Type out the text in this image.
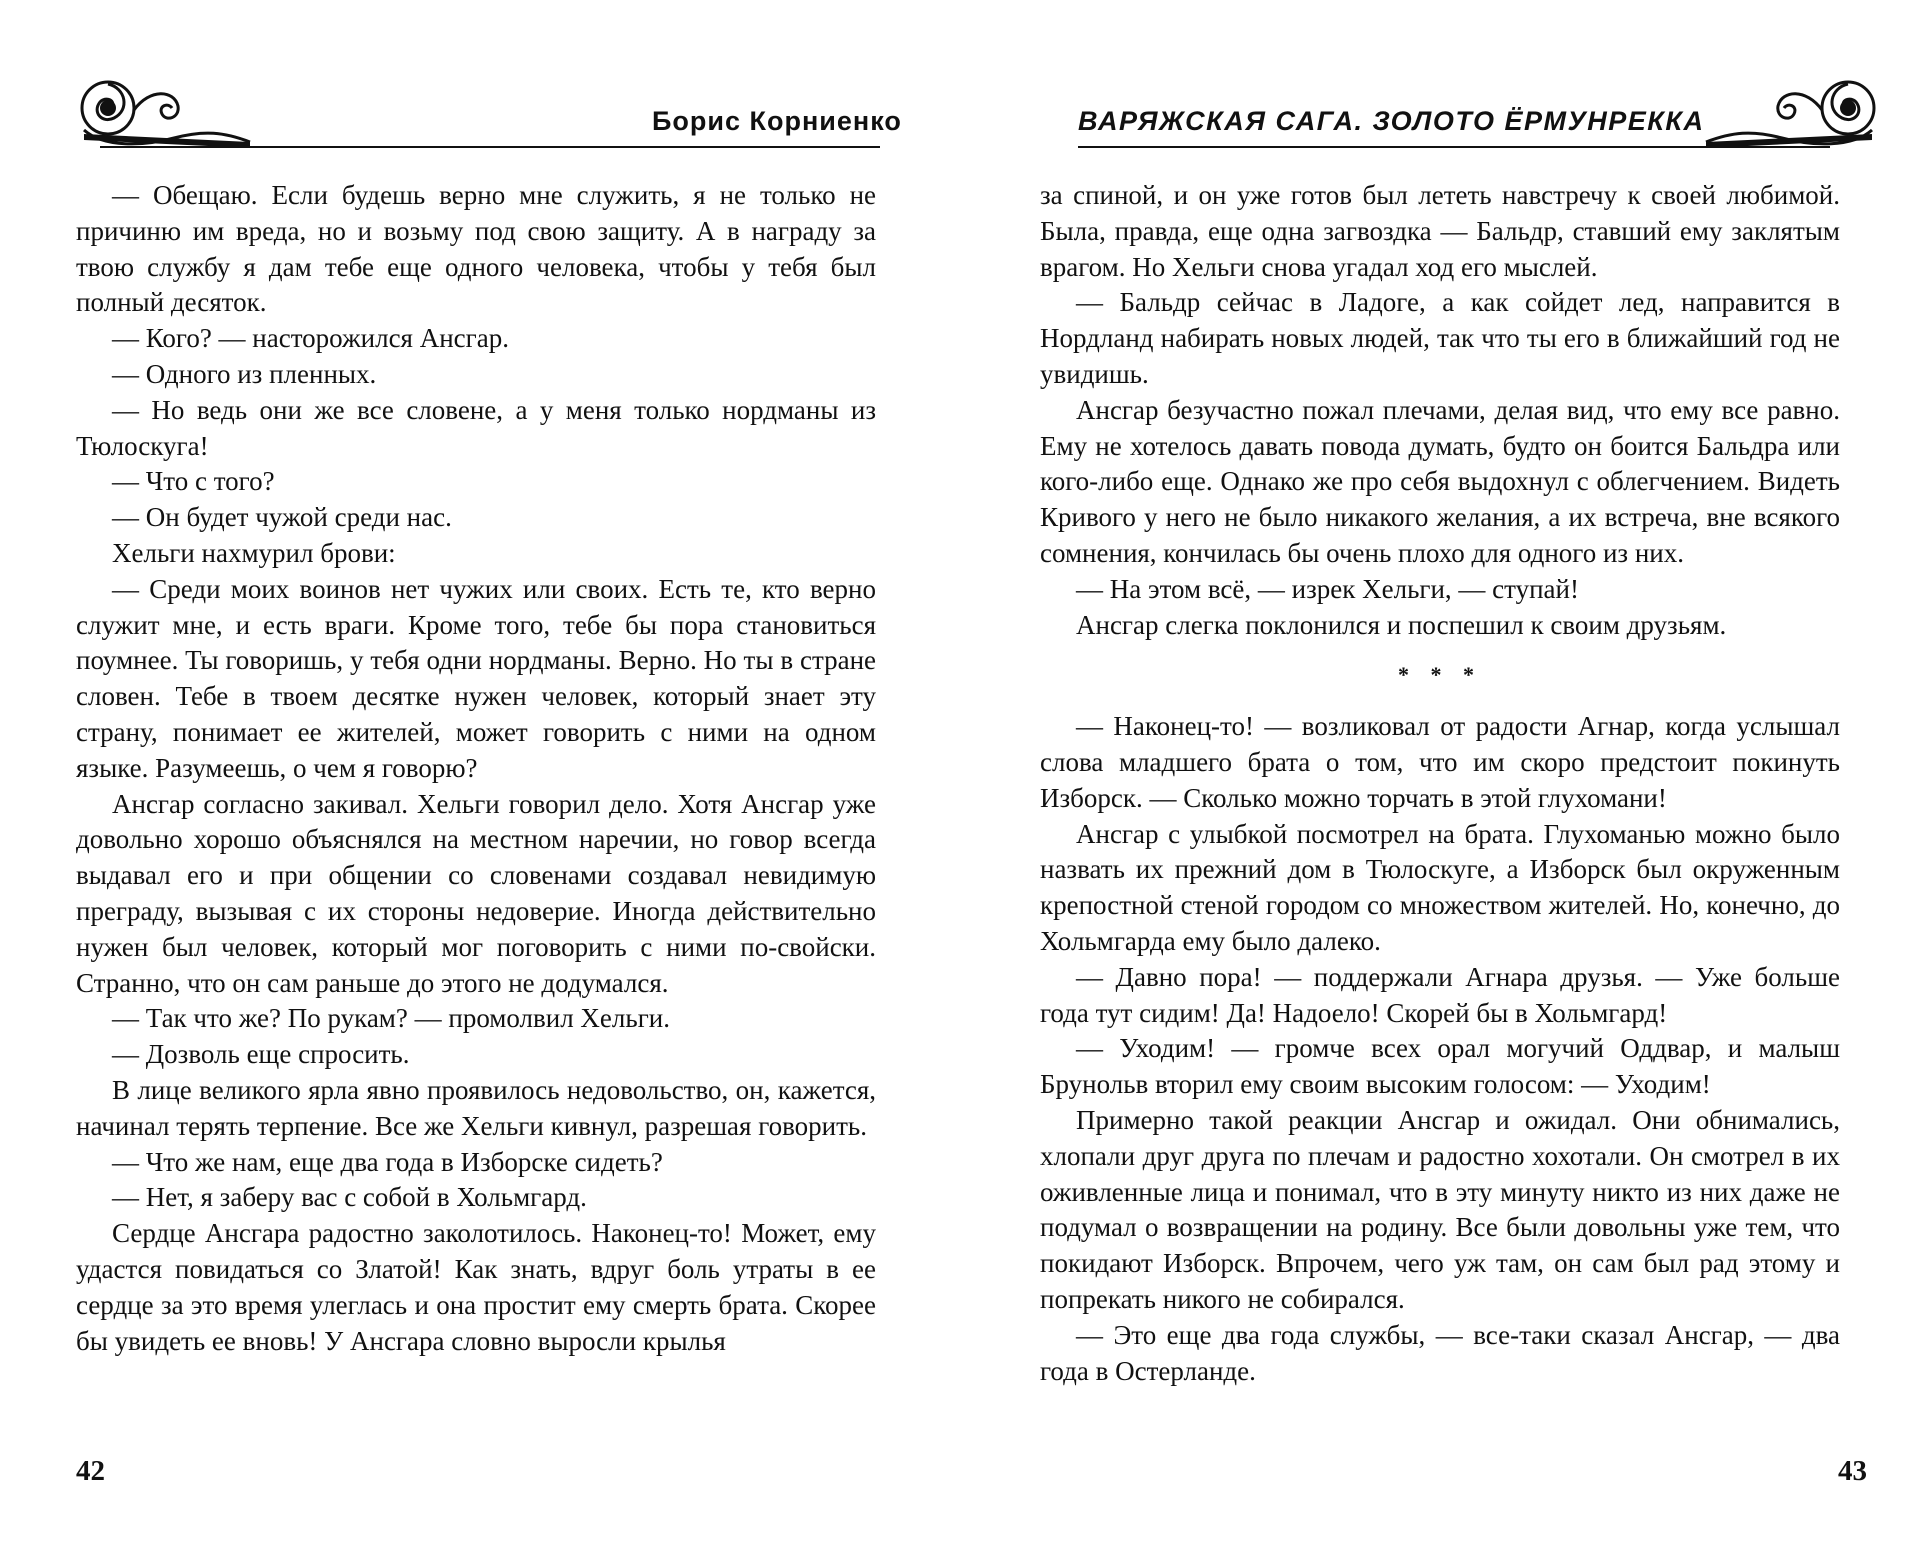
Борис Корниенко

— Обещаю. Если будешь верно мне служить, я не только не причиню им вреда, но и возьму под свою защиту. А в награду за твою службу я дам тебе еще одного человека, чтобы у тебя был полный десяток.

— Кого? — насторожился Ансгар.

— Одного из пленных.

— Но ведь они же все словене, а у меня только нордманы из Тюлоскуга!

— Что с того?

— Он будет чужой среди нас.

Хельги нахмурил брови:

— Среди моих воинов нет чужих или своих. Есть те, кто верно служит мне, и есть враги. Кроме того, тебе бы пора становиться поумнее. Ты говоришь, у тебя одни нордманы. Верно. Но ты в стране словен. Тебе в твоем десятке нужен человек, который знает эту страну, понимает ее жителей, может говорить с ними на одном языке. Разумеешь, о чем я говорю?

Ансгар согласно закивал. Хельги говорил дело. Хотя Ансгар уже довольно хорошо объяснялся на местном наречии, но говор всегда выдавал его и при общении со словенами создавал невидимую преграду, вызывая с их стороны недоверие. Иногда действительно нужен был человек, который мог поговорить с ними по-свойски. Странно, что он сам раньше до этого не додумался.

— Так что же? По рукам? — промолвил Хельги.

— Дозволь еще спросить.

В лице великого ярла явно проявилось недовольство, он, кажется, начинал терять терпение. Все же Хельги кивнул, разрешая говорить.

— Что же нам, еще два года в Изборске сидеть?

— Нет, я заберу вас с собой в Хольмгард.

Сердце Ансгара радостно заколотилось. Наконец-то! Может, ему удастся повидаться со Златой! Как знать, вдруг боль утраты в ее сердце за это время улеглась и она простит ему смерть брата. Скорее бы увидеть ее вновь! У Ансгара словно выросли крылья

42
ВАРЯЖСКАЯ САГА. ЗОЛОТО ЁРМУНРЕККА

за спиной, и он уже готов был лететь навстречу к своей любимой. Была, правда, еще одна загвоздка — Бальдр, ставший ему заклятым врагом. Но Хельги снова угадал ход его мыслей.

— Бальдр сейчас в Ладоге, а как сойдет лед, направится в Нордланд набирать новых людей, так что ты его в ближайший год не увидишь.

Ансгар безучастно пожал плечами, делая вид, что ему все равно. Ему не хотелось давать повода думать, будто он боится Бальдра или кого-либо еще. Однако же про себя выдохнул с облегчением. Видеть Кривого у него не было никакого желания, а их встреча, вне всякого сомнения, кончилась бы очень плохо для одного из них.

— На этом всё, — изрек Хельги, — ступай!

Ансгар слегка поклонился и поспешил к своим друзьям.

* * *

— Наконец-то! — возликовал от радости Агнар, когда услышал слова младшего брата о том, что им скоро предстоит покинуть Изборск. — Сколько можно торчать в этой глухомани!

Ансгар с улыбкой посмотрел на брата. Глухоманью можно было назвать их прежний дом в Тюлоскуге, а Изборск был окруженным крепостной стеной городом со множеством жителей. Но, конечно, до Хольмгарда ему было далеко.

— Давно пора! — поддержали Агнара друзья. — Уже больше года тут сидим! Да! Надоело! Скорей бы в Хольмгард!

— Уходим! — громче всех орал могучий Оддвар, и малыш Брунольв вторил ему своим высоким голосом: — Уходим!

Примерно такой реакции Ансгар и ожидал. Они обнимались, хлопали друг друга по плечам и радостно хохотали. Он смотрел в их оживленные лица и понимал, что в эту минуту никто из них даже не подумал о возвращении на родину. Все были довольны уже тем, что покидают Изборск. Впрочем, чего уж там, он сам был рад этому и попрекать никого не собирался.

— Это еще два года службы, — все-таки сказал Ансгар, — два года в Остерланде.

43
